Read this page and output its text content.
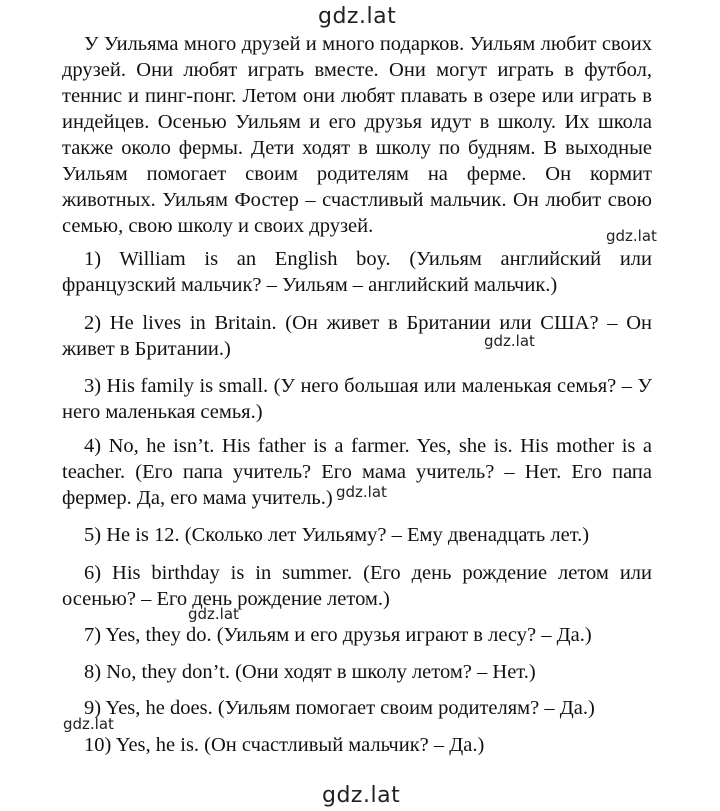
gdz.lat

У Уильяма много друзей и много подарков. Уильям любит своих друзей. Они любят играть вместе. Они могут играть в футбол, теннис и пинг-понг. Летом они любят плавать в озере или играть в индейцев. Осенью Уильям и его друзья идут в школу. Их школа также около фермы. Дети ходят в школу по будням. В выходные Уильям помогает своим родителям на ферме. Он кормит животных. Уильям Фостер – счастливый мальчик. Он любит свою семью, свою школу и своих друзей.	gdz.lat

1) William is an English boy. (Уильям английский или французский мальчик? – Уильям – английский мальчик.)

2) He lives in Britain. (Он живет в Британии или США? – Он живет в Британии.)	gdz.lat

3) His family is small. (У него большая или маленькая семья? – У него маленькая семья.)

4) No, he isn’t. His father is a farmer. Yes, she is. His mother is a teacher. (Его папа учитель? Его мама учитель? – Нет. Его папа фермер. Да, его мама учитель.) gdz.lat

5) He is 12. (Сколько лет Уильяму? – Ему двенадцать лет.)

6) His birthday is in summer. (Его день рождение летом или осенью? – Его день рождение летом.)

gdz.lat

7) Yes, they do. (Уильям и его друзья играют в лесу? – Да.)

8) No, they don’t. (Они ходят в школу летом? – Нет.)

9) Yes, he does. (Уильям помогает своим родителям? – Да.)

gdz.lat

10) Yes, he is. (Он счастливый мальчик? – Да.)

gdz.lat
